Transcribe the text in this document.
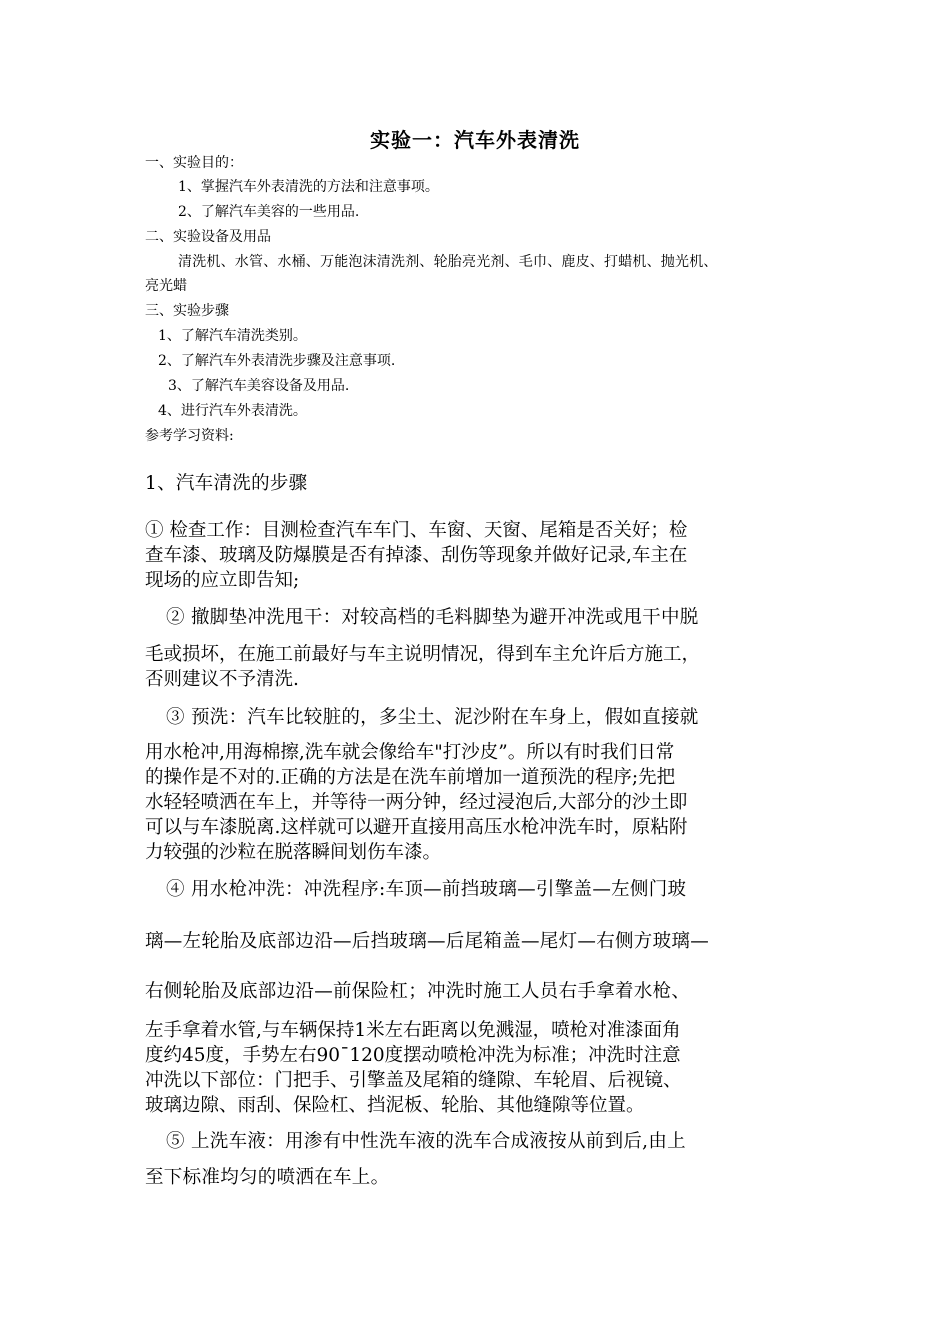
实验一：汽车外表清洗
一、实验目的：
1、掌握汽车外表清洗的方法和注意事项。
2、了解汽车美容的一些用品.
二、实验设备及用品
清洗机、水管、水桶、万能泡沫清洗剂、轮胎亮光剂、毛巾、鹿皮、打蜡机、抛光机、
亮光蜡
三、实验步骤
1、了解汽车清洗类别。
2、了解汽车外表清洗步骤及注意事项.
3、了解汽车美容设备及用品.
4、进行汽车外表清洗。
参考学习资料:
1、汽车清洗的步骤
① 检查工作：目测检查汽车车门、车窗、天窗、尾箱是否关好；检
查车漆、玻璃及防爆膜是否有掉漆、刮伤等现象并做好记录,车主在
现场的应立即告知;
② 撤脚垫冲洗甩干：对较高档的毛料脚垫为避开冲洗或甩干中脱
毛或损坏，在施工前最好与车主说明情况，得到车主允许后方施工，
否则建议不予清洗.
③ 预洗：汽车比较脏的，多尘土、泥沙附在车身上，假如直接就
用水枪冲,用海棉擦,洗车就会像给车"打沙皮”。所以有时我们日常
的操作是不对的.正确的方法是在洗车前增加一道预洗的程序;先把
水轻轻喷洒在车上，并等待一两分钟，经过浸泡后,大部分的沙土即
可以与车漆脱离.这样就可以避开直接用高压水枪冲洗车时，原粘附
力较强的沙粒在脱落瞬间划伤车漆。
④ 用水枪冲洗：冲洗程序:车顶—前挡玻璃—引擎盖—左侧门玻
璃—左轮胎及底部边沿—后挡玻璃—后尾箱盖—尾灯—右侧方玻璃—
右侧轮胎及底部边沿—前保险杠；冲洗时施工人员右手拿着水枪、
左手拿着水管,与车辆保持1米左右距离以免溅湿，喷枪对准漆面角
度约45度，手势左右90¯120度摆动喷枪冲洗为标准；冲洗时注意
冲洗以下部位：门把手、引擎盖及尾箱的缝隙、车轮眉、后视镜、
玻璃边隙、雨刮、保险杠、挡泥板、轮胎、其他缝隙等位置。
⑤ 上洗车液：用渗有中性洗车液的洗车合成液按从前到后,由上
至下标准均匀的喷洒在车上。
